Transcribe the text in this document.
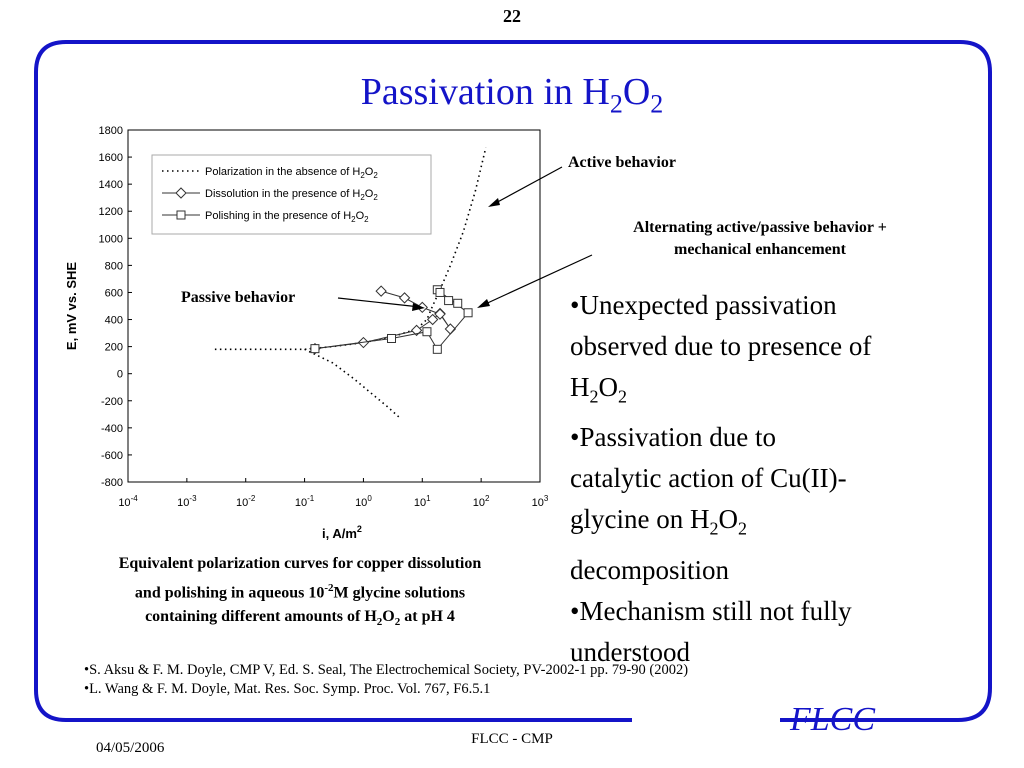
22
Passivation in $H_2O_2$
1800
1600
1400
1200
1000
800
600
400
200
0
-200
-400
-600
-800
$10^{-4}$	$10^{-3}$	$10^{-2}$	$10^{-1}$	$10^0$	$10^1$	$10^2$	$10^3$
Polarization in the absence of $H_2O_2$
Dissolution in the presence of $H_2O_2$
Polishing in the presence of $H_2O_2$
E, mV vs. SHE
i, $A/m^2$
Active behavior
Alternating active/passive behavior +
mechanical enhancement
Passive behavior	•Unexpected passivation
observed due to presence of
$H_2O_2$
•Passivation due to
catalytic action of Cu(II)-
glycine on $H_2O_2$
decomposition
•Mechanism still not fully
understood
Equivalent polarization curves for copper dissolution
and polishing in aqueous $10^{-2}M$ glycine solutions
containing different amounts of $H_2O_2$ at pH 4
•S. Aksu & F. M. Doyle, CMP V, Ed. S. Seal, The Electrochemical Society, PV-2002-1 pp. 79-90 (2002)
•L. Wang & F. M. Doyle, Mat. Res. Soc. Symp. Proc. Vol. 767, F6.5.1
04/05/2006
FLCC - CMP
FLCC
